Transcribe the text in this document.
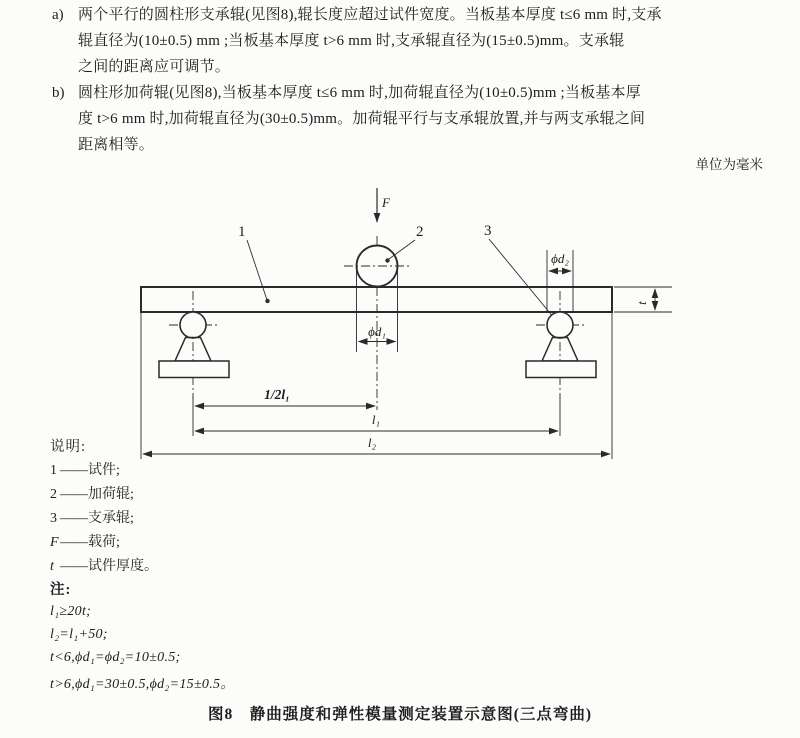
a) 两个平行的圆柱形支承辊(见图8),辊长度应超过试件宽度。当板基本厚度 t≤6 mm 时,支承
辊直径为(10±0.5) mm ;当板基本厚度 t>6 mm 时,支承辊直径为(15±0.5)mm。支承辊
之间的距离应可调节。
b) 圆柱形加荷辊(见图8),当板基本厚度 t≤6 mm 时,加荷辊直径为(10±0.5)mm ;当板基本厚
度 t>6 mm 时,加荷辊直径为(30±0.5)mm。加荷辊平行与支承辊放置,并与两支承辊之间
距离相等。
单位为毫米
F
1	2	3
ϕd₁
ϕd₂
t
1/2l₁
l₁
l₂
说明:
1 ——试件;
2 ——加荷辊;
3 ——支承辊;
F——载荷;
t ——试件厚度。
注:
l₁≥20t;
l₂=l₁+50;
t<6,ϕd₁=ϕd₂=10±0.5;
t>6,ϕd₁=30±0.5,ϕd₂=15±0.5。
图8　静曲强度和弹性模量测定装置示意图(三点弯曲)
